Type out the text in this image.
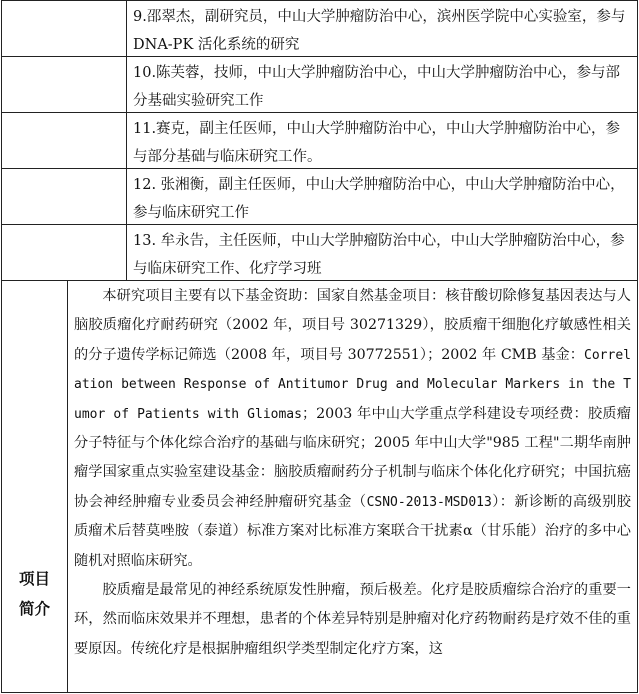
		9.邵翠杰，副研究员，中山大学肿瘤防治中心，滨州医学院中心实验室，参与 DNA-PK 活化系统的研究

		10.陈芙蓉，技师，中山大学肿瘤防治中心，中山大学肿瘤防治中心，参与部分基础实验研究工作

		11.赛克，副主任医师，中山大学肿瘤防治中心，中山大学肿瘤防治中心，参与部分基础与临床研究工作。

		12. 张湘衡，副主任医师，中山大学肿瘤防治中心，中山大学肿瘤防治中心，参与临床研究工作

		13. 牟永告，主任医师，中山大学肿瘤防治中心，中山大学肿瘤防治中心，参与临床研究工作、化疗学习班

项目简介	本研究项目主要有以下基金资助：国家自然基金项目：核苷酸切除修复基因表达与人脑胶质瘤化疗耐药研究（2002 年，项目号 30271329），胶质瘤干细胞化疗敏感性相关的分子遗传学标记筛选（2008 年，项目号 30772551）；2002 年 CMB 基金：Correlation between Response of Antitumor Drug and Molecular Markers in the Tumor of Patients with Gliomas；2003 年中山大学重点学科建设专项经费：胶质瘤分子特征与个体化综合治疗的基础与临床研究；2005 年中山大学"985 工程"二期华南肿瘤学国家重点实验室建设基金：脑胶质瘤耐药分子机制与临床个体化化疗研究；中国抗癌协会神经肿瘤专业委员会神经肿瘤研究基金（CSNO-2013-MSD013）：新诊断的高级别胶质瘤术后替莫唑胺（泰道）标准方案对比标准方案联合干扰素α（甘乐能）治疗的多中心随机对照临床研究。

胶质瘤是最常见的神经系统原发性肿瘤，预后极差。化疗是胶质瘤综合治疗的重要一环，然而临床效果并不理想，患者的个体差异特别是肿瘤对化疗药物耐药是疗效不佳的重要原因。传统化疗是根据肿瘤组织学类型制定化疗方案，这	
